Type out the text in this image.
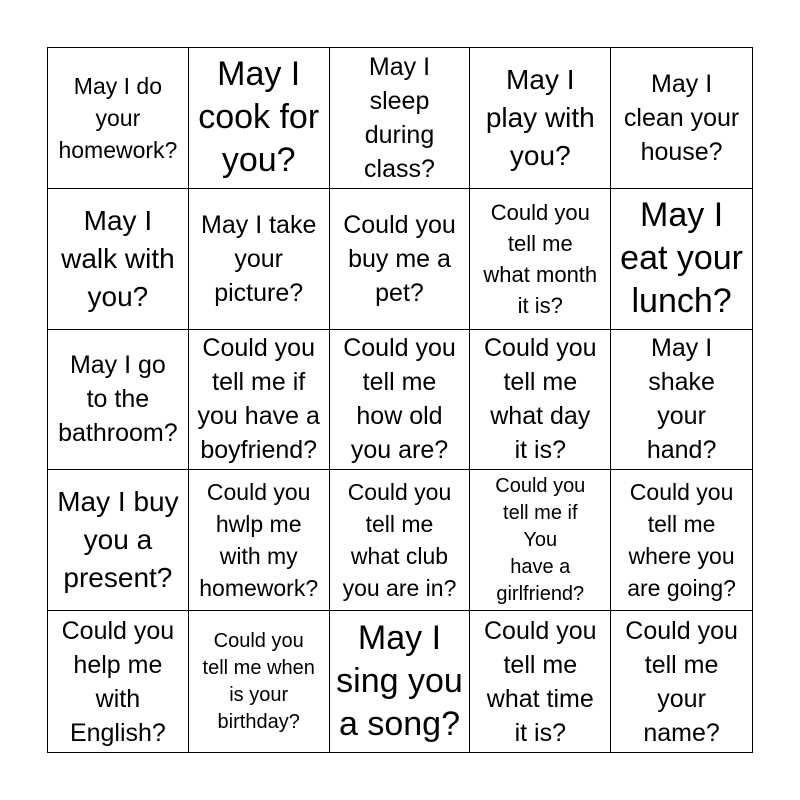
May I do
your
homework?
May I
cook for
you?
May I
sleep
during
class?
May I
play with
you?
May I
clean your
house?
May I
walk with
you?
May I take
your
picture?
Could you
buy me a
pet?
Could you
tell me
what month
it is?
May I
eat your
lunch?
May I go
to the
bathroom?
Could you
tell me if
you have a
boyfriend?
Could you
tell me
how old
you are?
Could you
tell me
what day
it is?
May I
shake
your
hand?
May I buy
you a
present?
Could you
hwlp me
with my
homework?
Could you
tell me
what club
you are in?
Could you
tell me if
You
have a
girlfriend?
Could you
tell me
where you
are going?
Could you
help me
with
English?
Could you
tell me when
is your
birthday?
May I
sing you
a song?
Could you
tell me
what time
it is?
Could you
tell me
your
name?
